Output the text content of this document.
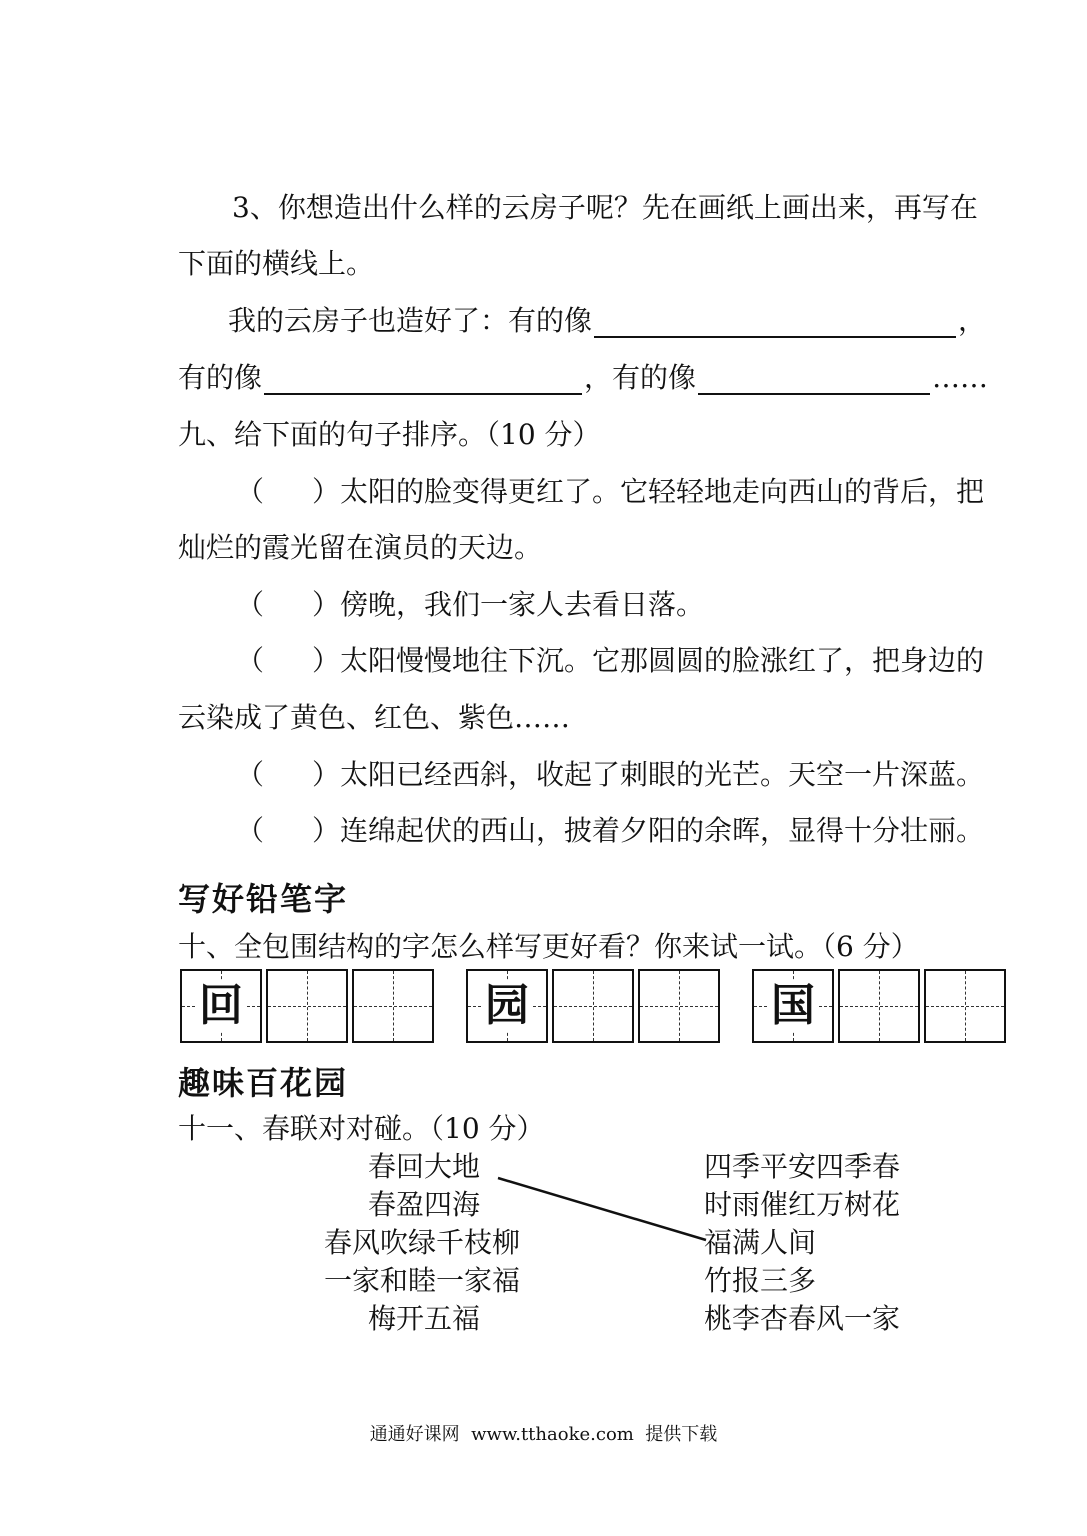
3、你想造出什么样的云房子呢？先在画纸上画出来，再写在
下面的横线上。
我的云房子也造好了：有的像	，
有的像	，有的像	……
九、给下面的句子排序。（10 分）
（ ）太阳的脸变得更红了。它轻轻地走向西山的背后，把
灿烂的霞光留在演员的天边。
（ ）傍晚，我们一家人去看日落。
（ ）太阳慢慢地往下沉。它那圆圆的脸涨红了，把身边的
云染成了黄色、红色、紫色……
（ ）太阳已经西斜，收起了刺眼的光芒。天空一片深蓝。
（ ）连绵起伏的西山，披着夕阳的余晖，显得十分壮丽。
写好铅笔字
十、全包围结构的字怎么样写更好看？你来试一试。（6 分）
回	园	国
趣味百花园
十一、春联对对碰。（10 分）
春回大地
春盈四海
春风吹绿千枝柳
一家和睦一家福
梅开五福
四季平安四季春
时雨催红万树花
福满人间
竹报三多
桃李杏春风一家
通通好课网 www.tthaoke.com 提供下载
